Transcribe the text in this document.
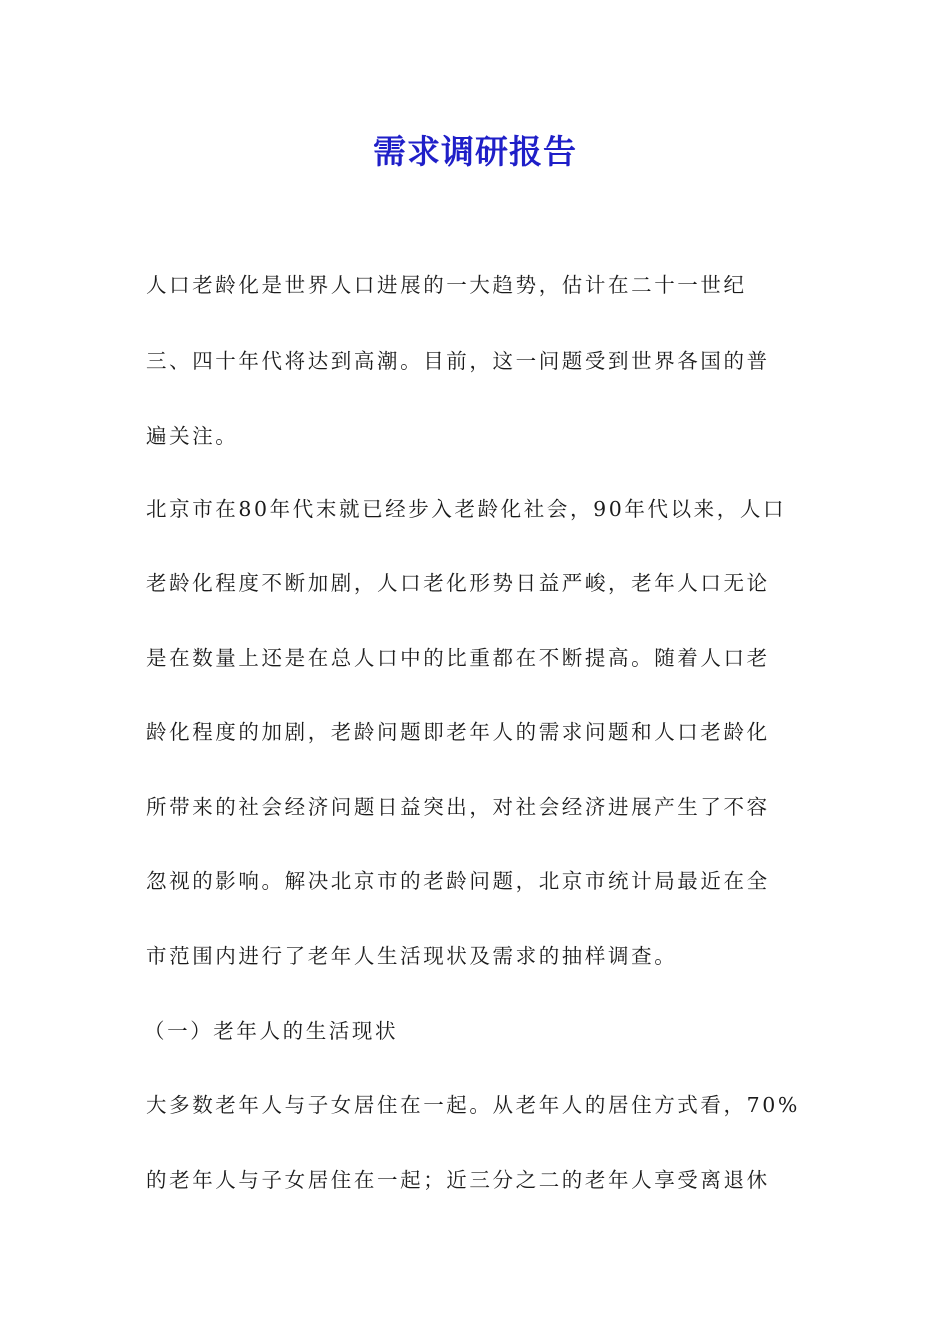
需求调研报告
人口老龄化是世界人口进展的一大趋势，估计在二十一世纪
三、四十年代将达到高潮。目前，这一问题受到世界各国的普
遍关注。
北京市在80年代末就已经步入老龄化社会，90年代以来，人口
老龄化程度不断加剧，人口老化形势日益严峻，老年人口无论
是在数量上还是在总人口中的比重都在不断提高。随着人口老
龄化程度的加剧，老龄问题即老年人的需求问题和人口老龄化
所带来的社会经济问题日益突出，对社会经济进展产生了不容
忽视的影响。解决北京市的老龄问题，北京市统计局最近在全
市范围内进行了老年人生活现状及需求的抽样调查。
（一）老年人的生活现状
大多数老年人与子女居住在一起。从老年人的居住方式看，70%
的老年人与子女居住在一起；近三分之二的老年人享受离退休
